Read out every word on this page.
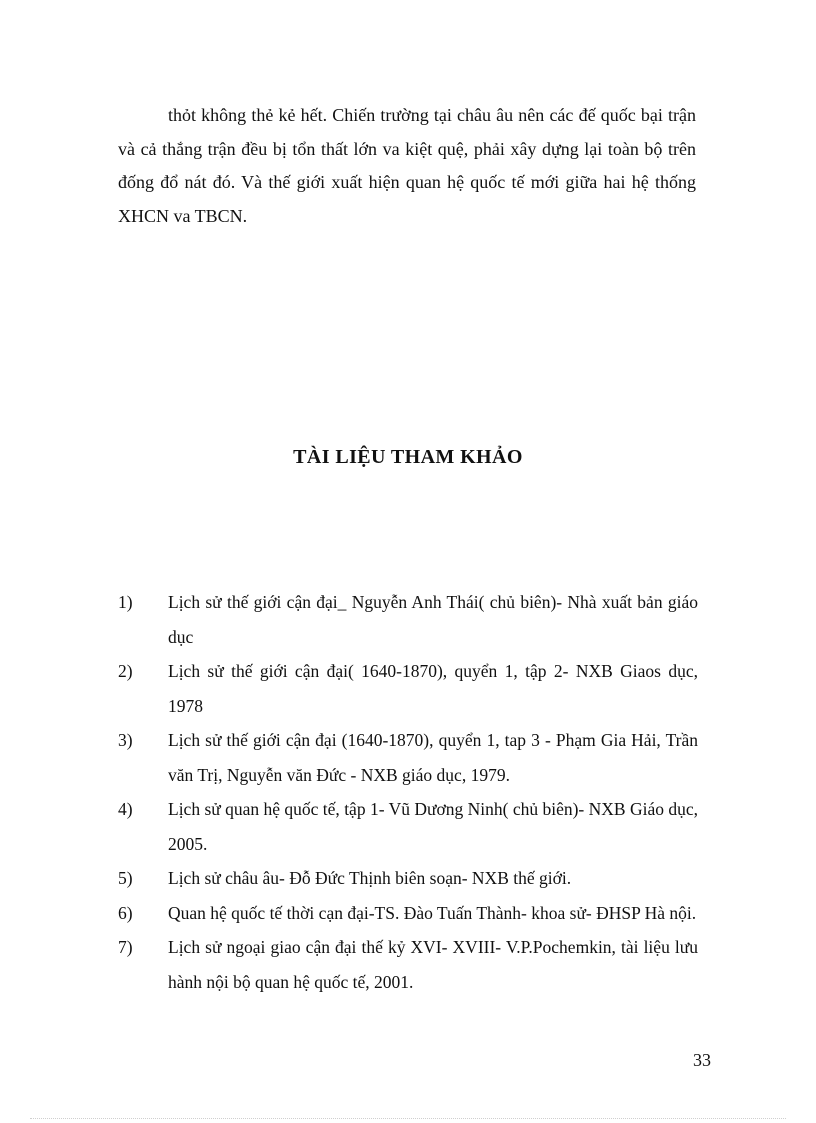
thỏt không thẻ kẻ hết. Chiến trường tại châu âu nên các đế quốc bại trận và cả thắng trận đều bị tổn thất lớn va kiệt quệ, phải xây dựng lại toàn bộ trên đống đổ nát đó. Và thế giới xuất hiện quan hệ quốc tế mới giữa hai hệ thống XHCN va TBCN.

TÀI LIỆU THAM KHẢO
1) Lịch sử thế giới cận đại_ Nguyễn Anh Thái( chủ biên)- Nhà xuất bản giáo dục
2) Lịch sử thế giới cận đại( 1640-1870), quyển 1, tập 2- NXB Giaos dục, 1978
3) Lịch sử thế giới cận đại (1640-1870), quyển 1, tap 3 - Phạm Gia Hải, Trần văn Trị, Nguyễn văn Đức - NXB giáo dục, 1979.
4) Lịch sử quan hệ quốc tế, tập 1- Vũ Dương Ninh( chủ biên)- NXB Giáo dục, 2005.
5) Lịch sử châu âu- Đỗ Đức Thịnh biên soạn- NXB thế giới.
6) Quan hệ quốc tế thời cạn đại-TS. Đào Tuấn Thành- khoa sử- ĐHSP Hà nội.
7) Lịch sử ngoại giao cận đại thế kỷ XVI- XVIII- V.P.Pochemkin, tài liệu lưu hành nội bộ quan hệ quốc tế, 2001.
33
